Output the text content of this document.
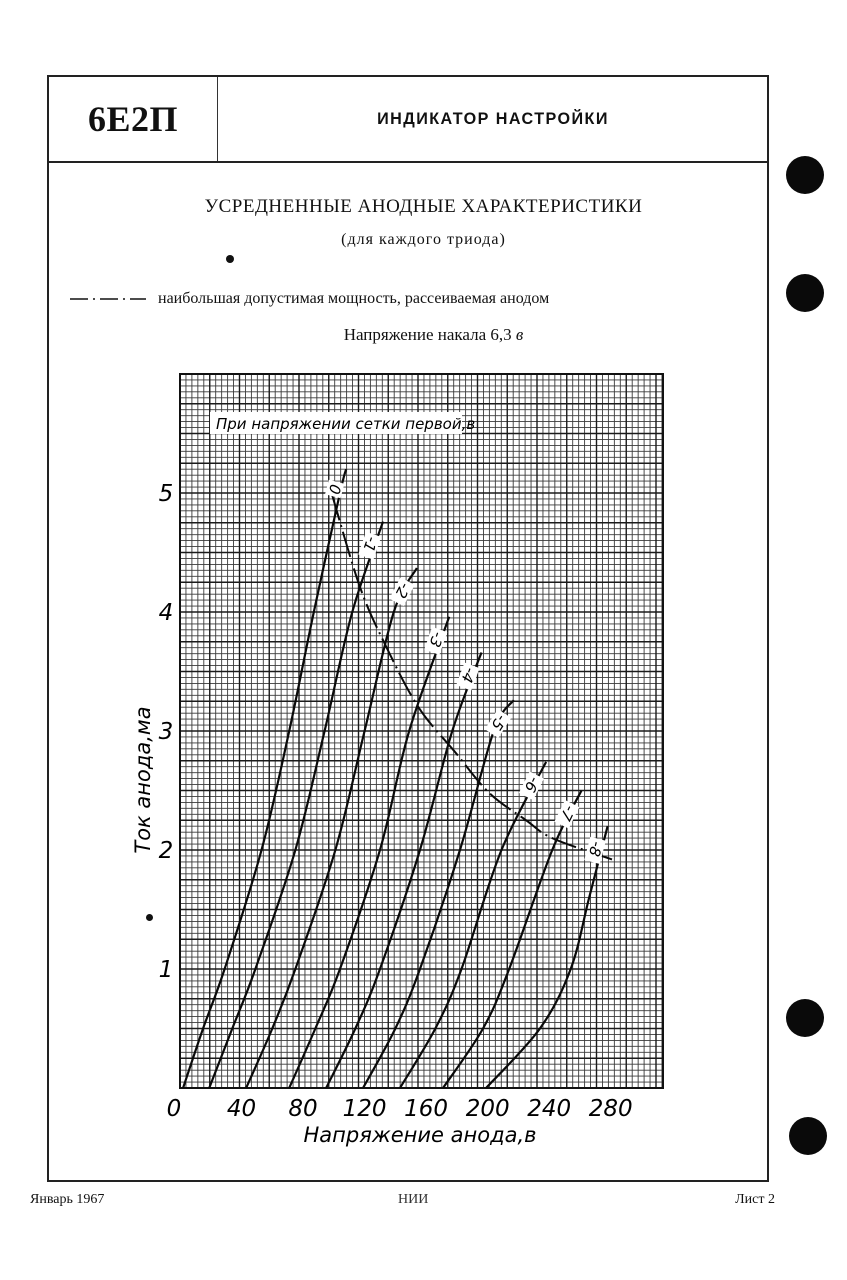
6Е2П	ИНДИКАТОР НАСТРОЙКИ
УСРЕДНЕННЫЕ АНОДНЫЕ ХАРАКТЕРИСТИКИ
(для каждого триода)
наибольшая допустимая мощность, рассеиваемая анодом
Напряжение накала 6,3 в
0
-1
-2
-3
-4
-5
-6
-7
-8
При напряжении сетки первой,в
0 40 80 120 160 200 240 280
1
2
3
4
5
Напряжение анода,в
Ток анода,ма
Январь 1967	НИИ	Лист 2
